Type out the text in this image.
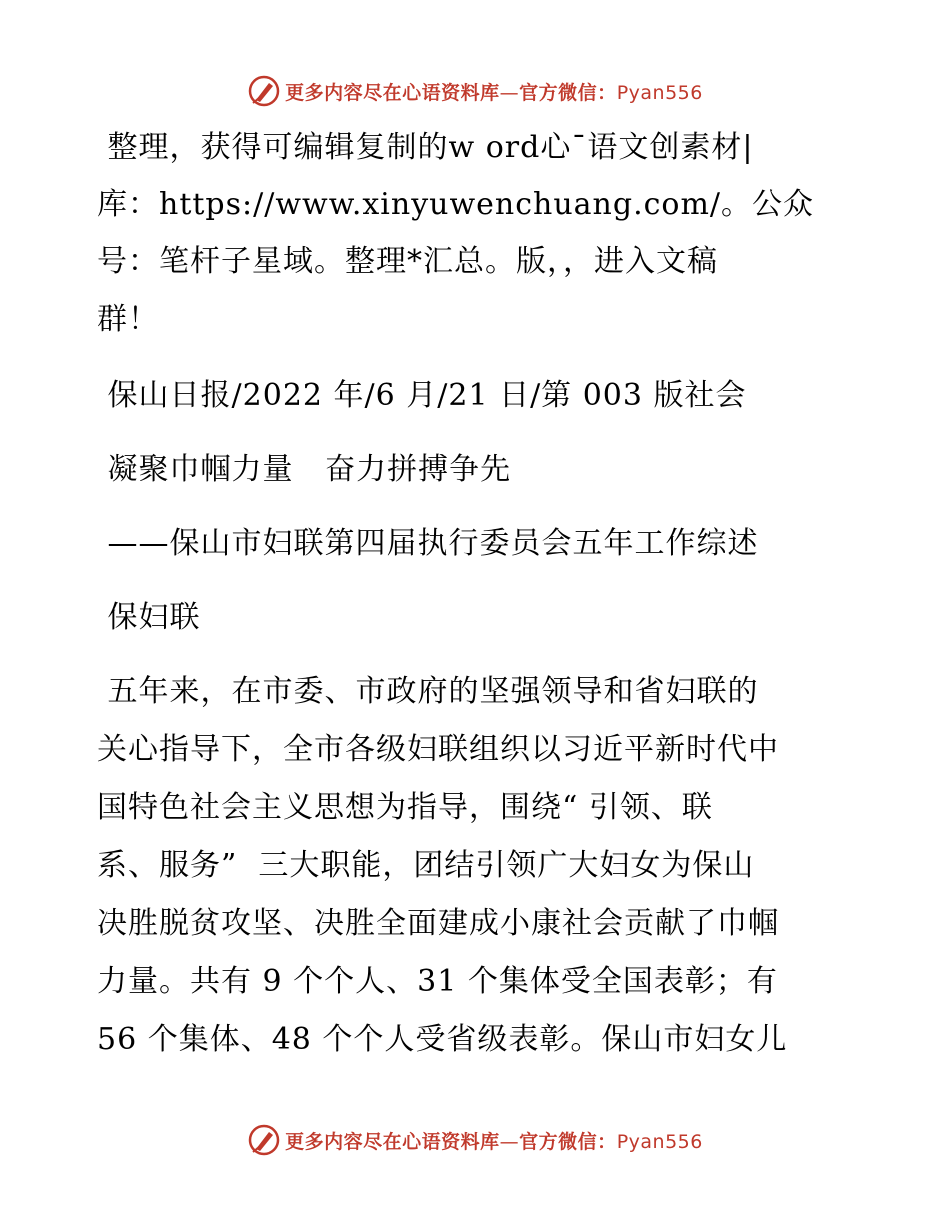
更多内容尽在心语资料库—官方微信：Pyan556
整理，获得可编辑复制的w ord心¯语文创素材|
库：https://www.xinyuwenchuang.com/。公众
号：笔杆子星域。整理*汇总。版，，进入文稿
群！
保山日报/2022 年/6 月/21 日/第 003 版社会
凝聚巾帼力量   奋力拼搏争先
——保山市妇联第四届执行委员会五年工作综述
保妇联
五年来，在市委、市政府的坚强领导和省妇联的
关心指导下，全市各级妇联组织以习近平新时代中
国特色社会主义思想为指导，围绕“ 引领、联
系、服务”  三大职能，团结引领广大妇女为保山
决胜脱贫攻坚、决胜全面建成小康社会贡献了巾帼
力量。共有 9 个个人、31 个集体受全国表彰；有
56 个集体、48 个个人受省级表彰。保山市妇女儿
更多内容尽在心语资料库—官方微信：Pyan556
